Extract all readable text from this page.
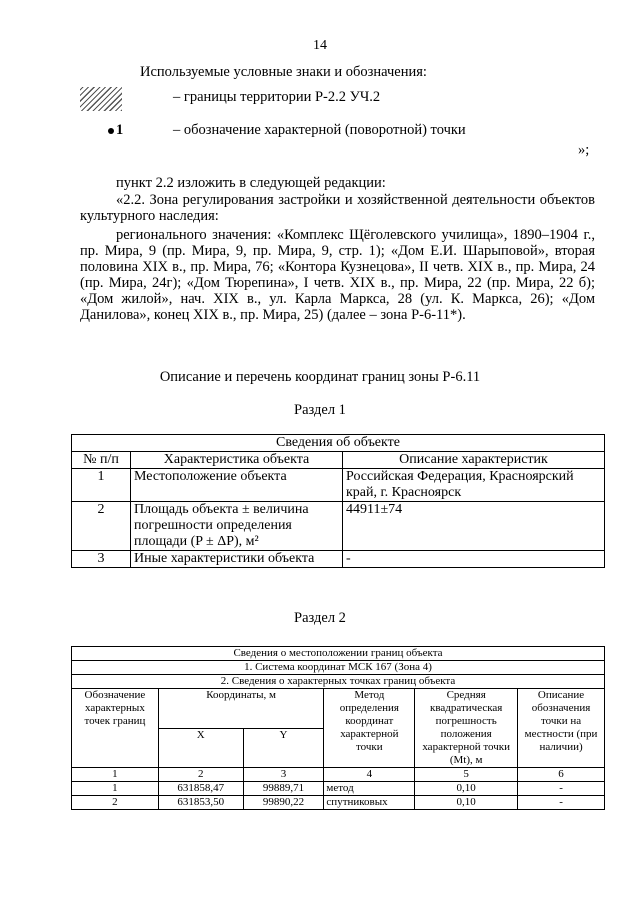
14
Используемые условные знаки и обозначения:
– границы территории Р-2.2 УЧ.2
1	– обозначение характерной (поворотной) точки
»;
пункт 2.2 изложить в следующей редакции:
«2.2. Зона регулирования застройки и хозяйственной деятельности объектов культурного наследия:
регионального значения: «Комплекс Щёголевского училища», 1890–1904 г., пр. Мира, 9 (пр. Мира, 9, пр. Мира, 9, стр. 1); «Дом Е.И. Шарыповой», вторая половина XIX в., пр. Мира, 76; «Контора Кузнецова», II четв. XIX в., пр. Мира, 24 (пр. Мира, 24г); «Дом Тюрепина», I четв. XIX в., пр. Мира, 22 (пр. Мира, 22 б); «Дом жилой», нач. XIX в., ул. Карла Маркса, 28 (ул. К. Маркса, 26); «Дом Данилова», конец XIX в., пр. Мира, 25) (далее – зона Р-6-11*).
Описание и перечень координат границ зоны Р-6.11
Раздел 1
Сведения об объекте		
№ п/п	Характеристика объекта	Описание характеристик
1	Местоположение объекта	Российская Федерация, Красноярский край, г. Красноярск
2	Площадь объекта ± величина погрешности определения площади (P ± ΔP), м²	44911±74
3	Иные характеристики объекта	-
Раздел 2
Сведения о местоположении границ объекта					
1. Система координат МСК 167 (Зона 4)					
2. Сведения о характерных точках границ объекта					
Обозначение характерных точек границ	Координаты, м		Метод определения координат характерной точки	Средняя квадратическая погрешность положения характерной точки (Mt), м	Описание обозначения точки на местности (при наличии)
	X	Y			
1	2	3	4	5	6
1	631858,47	99889,71	метод	0,10	-
2	631853,50	99890,22	спутниковых	0,10	-
